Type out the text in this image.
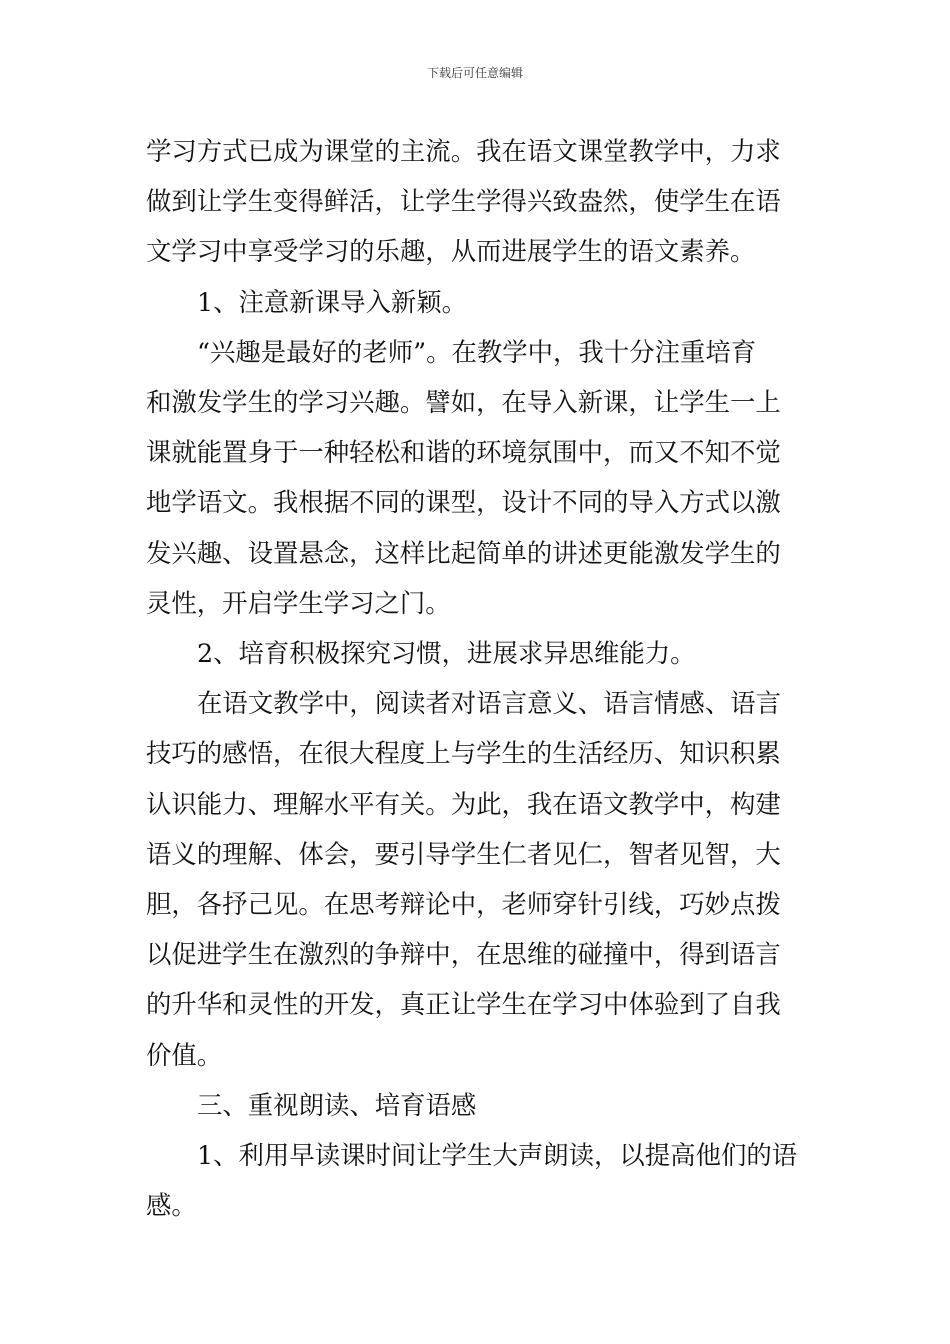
下载后可任意编辑
学习方式已成为课堂的主流。我在语文课堂教学中，力求
做到让学生变得鲜活，让学生学得兴致盎然，使学生在语
文学习中享受学习的乐趣，从而进展学生的语文素养。
1、注意新课导入新颖。
“兴趣是最好的老师”。在教学中，我十分注重培育
和激发学生的学习兴趣。譬如，在导入新课，让学生一上
课就能置身于一种轻松和谐的环境氛围中，而又不知不觉
地学语文。我根据不同的课型，设计不同的导入方式以激
发兴趣、设置悬念，这样比起简单的讲述更能激发学生的
灵性，开启学生学习之门。
2、培育积极探究习惯，进展求异思维能力。
在语文教学中，阅读者对语言意义、语言情感、语言
技巧的感悟，在很大程度上与学生的生活经历、知识积累
认识能力、理解水平有关。为此，我在语文教学中，构建
语义的理解、体会，要引导学生仁者见仁，智者见智，大
胆，各抒己见。在思考辩论中，老师穿针引线，巧妙点拨
以促进学生在激烈的争辩中，在思维的碰撞中，得到语言
的升华和灵性的开发，真正让学生在学习中体验到了自我
价值。
三、重视朗读、培育语感
1、利用早读课时间让学生大声朗读，以提高他们的语
感。
